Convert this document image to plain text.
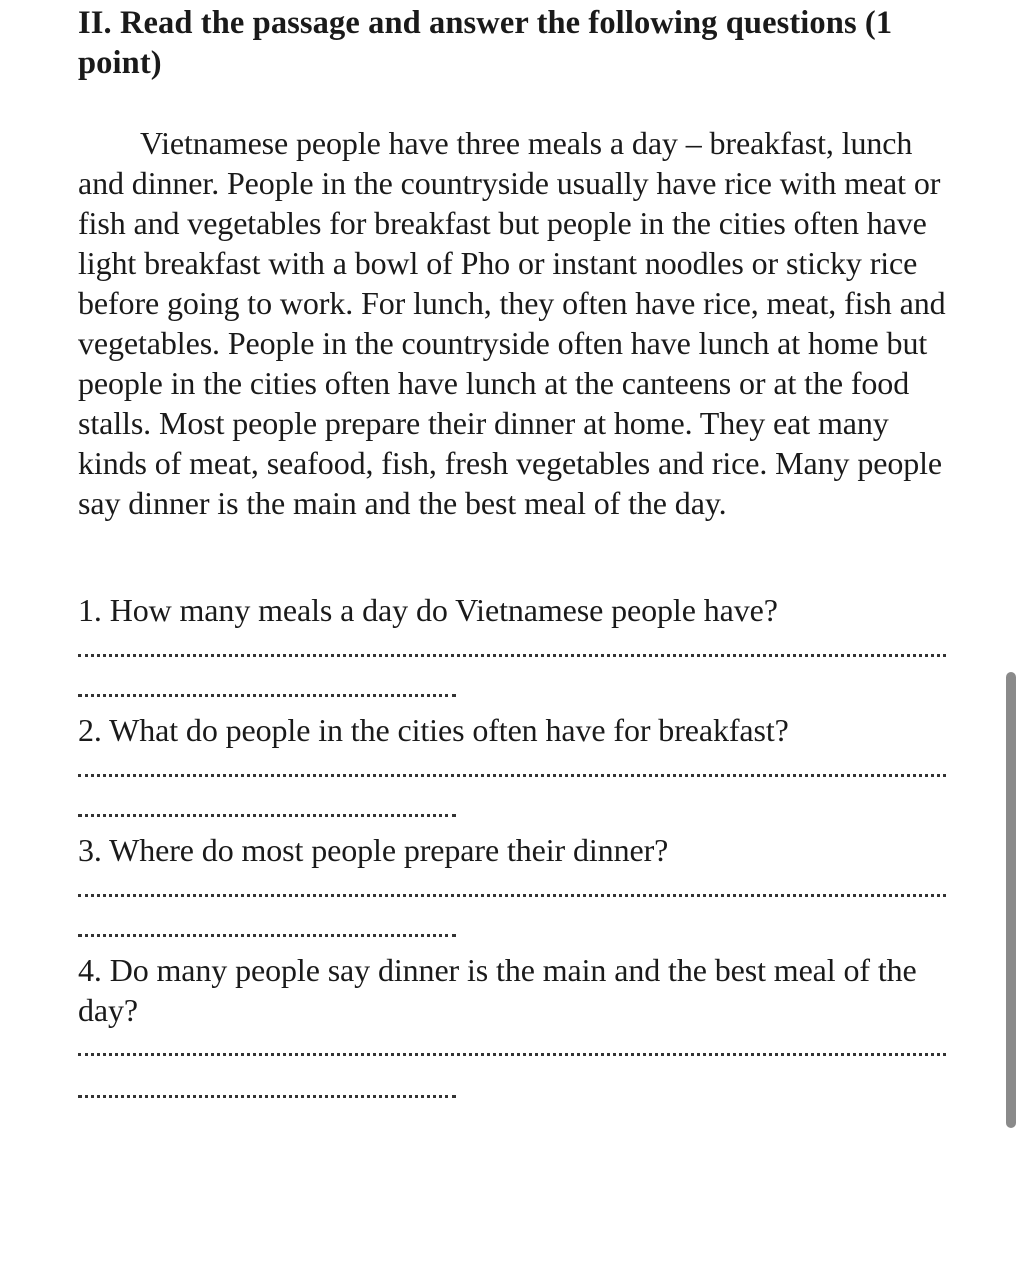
II. Read the passage and answer the following questions (1 point)

Vietnamese people have three meals a day – breakfast, lunch and dinner. People in the countryside usually have rice with meat or fish and vegetables for breakfast but people in the cities often have light breakfast with a bowl of Pho or instant noodles or sticky rice before going to work. For lunch, they often have rice, meat, fish and vegetables. People in the countryside often have lunch at home but people in the cities often have lunch at the canteens or at the food stalls. Most people prepare their dinner at home. They eat many kinds of meat, seafood, fish, fresh vegetables and rice. Many people say dinner is the main and the best meal of the day.

1. How many meals a day do Vietnamese people have?

2. What do people in the cities often have for breakfast?

3. Where do most people prepare their dinner?

4. Do many people say dinner is the main and the best meal of the day?
